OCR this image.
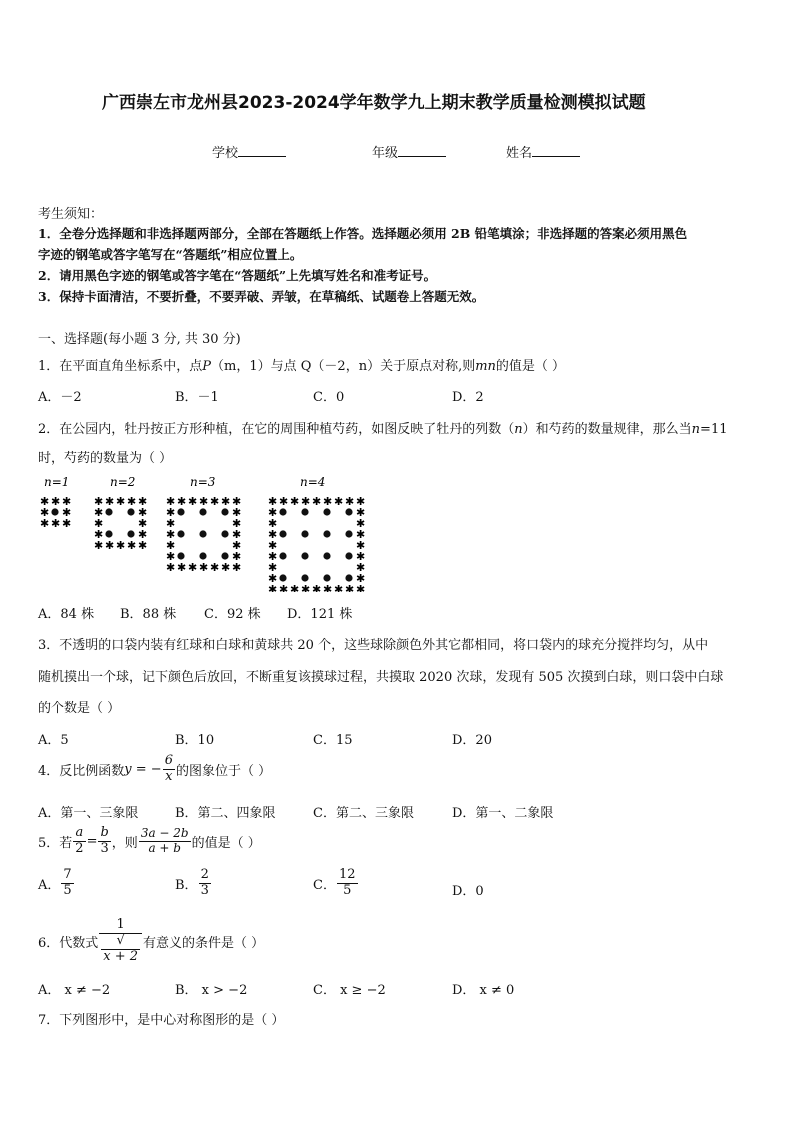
广西崇左市龙州县2023-2024学年数学九上期末教学质量检测模拟试题
学校	年级	姓名
考生须知：
1．全卷分选择题和非选择题两部分，全部在答题纸上作答。选择题必须用 2B 铅笔填涂；非选择题的答案必须用黑色
字迹的钢笔或答字笔写在“答题纸”相应位置上。
2．请用黑色字迹的钢笔或答字笔在“答题纸”上先填写姓名和准考证号。
3．保持卡面清洁，不要折叠，不要弄破、弄皱，在草稿纸、试题卷上答题无效。
一、选择题(每小题 3 分, 共 30 分)
1．在平面直角坐标系中，点P（m，1）与点 Q（－2，n）关于原点对称,则mn的值是（ ）
A．－2	B．－1	C．0	D．2
2．在公园内，牡丹按正方形种植，在它的周围种植芍药，如图反映了牡丹的列数（n）和芍药的数量规律，那么当n=11
时，芍药的数量为（ ）
n=1	n=2	n=3	n=4
✱ ✱ ✱
✱ ✱
✱ ✱ ✱
✱ ✱ ✱ ✱ ✱
✱	✱
✱	✱
✱	✱
✱ ✱ ✱ ✱ ✱
✱ ✱ ✱ ✱ ✱ ✱ ✱
✱	✱
✱	✱
✱	✱
✱	✱
✱	✱
✱ ✱ ✱ ✱ ✱ ✱ ✱
✱ ✱ ✱ ✱ ✱ ✱ ✱ ✱ ✱
✱	✱
✱	✱
✱	✱
✱	✱
✱	✱
✱	✱
✱	✱
✱ ✱ ✱ ✱ ✱ ✱ ✱ ✱ ✱
A．84 株 B．88 株 C．92 株 D．121 株
3．不透明的口袋内装有红球和白球和黄球共 20 个，这些球除颜色外其它都相同，将口袋内的球充分搅拌均匀，从中
随机摸出一个球，记下颜色后放回，不断重复该摸球过程，共摸取 2020 次球，发现有 505 次摸到白球，则口袋中白球
的个数是（ ）
A．5	B．10	C．15	D．20
4．反比例函数y = − $\frac{6}{x}$ 的图象位于（ ）
A．第一、三象限	B．第二、四象限	C．第二、三象限	D．第一、二象限
5．若 $\frac{a}{2} = \frac{b}{3}$ ，则 $\frac{3a - 2b}{a + b}$ 的值是（ ）
A． $\frac{7}{5}$	B． $\frac{2}{3}$	C． $\frac{12}{5}$	D．0
6．代数式 1
√
x + 2 有意义的条件是（ ）
A． x ≠ −2	B． x > −2	C． x ≥ −2	D． x ≠ 0
7．下列图形中，是中心对称图形的是（ ）
